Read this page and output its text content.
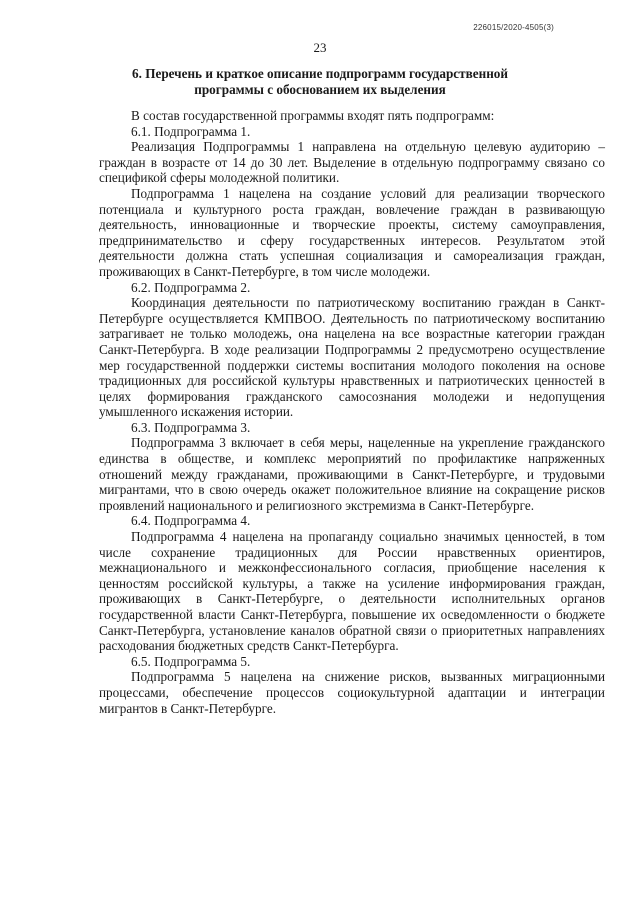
226015/2020-4505(3)
23
6. Перечень и краткое описание подпрограмм государственной программы с обоснованием их выделения

В состав государственной программы входят пять подпрограмм:

6.1. Подпрограмма 1.

Реализация Подпрограммы 1 направлена на отдельную целевую аудиторию – граждан в возрасте от 14 до 30 лет. Выделение в отдельную подпрограмму связано со спецификой сферы молодежной политики.

Подпрограмма 1 нацелена на создание условий для реализации творческого потенциала и культурного роста граждан, вовлечение граждан в развивающую деятельность, инновационные и творческие проекты, систему самоуправления, предпринимательство и сферу государственных интересов. Результатом этой деятельности должна стать успешная социализация и самореализация граждан, проживающих в Санкт-Петербурге, в том числе молодежи.

6.2. Подпрограмма 2.

Координация деятельности по патриотическому воспитанию граждан в Санкт-Петербурге осуществляется КМПВОО. Деятельность по патриотическому воспитанию затрагивает не только молодежь, она нацелена на все возрастные категории граждан Санкт-Петербурга. В ходе реализации Подпрограммы 2 предусмотрено осуществление мер государственной поддержки системы воспитания молодого поколения на основе традиционных для российской культуры нравственных и патриотических ценностей в целях формирования гражданского самосознания молодежи и недопущения умышленного искажения истории.

6.3. Подпрограмма 3.

Подпрограмма 3 включает в себя меры, нацеленные на укрепление гражданского единства в обществе, и комплекс мероприятий по профилактике напряженных отношений между гражданами, проживающими в Санкт-Петербурге, и трудовыми мигрантами, что в свою очередь окажет положительное влияние на сокращение рисков проявлений национального и религиозного экстремизма в Санкт-Петербурге.

6.4. Подпрограмма 4.

Подпрограмма 4 нацелена на пропаганду социально значимых ценностей, в том числе сохранение традиционных для России нравственных ориентиров, межнационального и межконфессионального согласия, приобщение населения к ценностям российской культуры, а также на усиление информирования граждан, проживающих в Санкт-Петербурге, о деятельности исполнительных органов государственной власти Санкт-Петербурга, повышение их осведомленности о бюджете Санкт-Петербурга, установление каналов обратной связи о приоритетных направлениях расходования бюджетных средств Санкт-Петербурга.

6.5. Подпрограмма 5.

Подпрограмма 5 нацелена на снижение рисков, вызванных миграционными процессами, обеспечение процессов социокультурной адаптации и интеграции мигрантов в Санкт-Петербурге.
